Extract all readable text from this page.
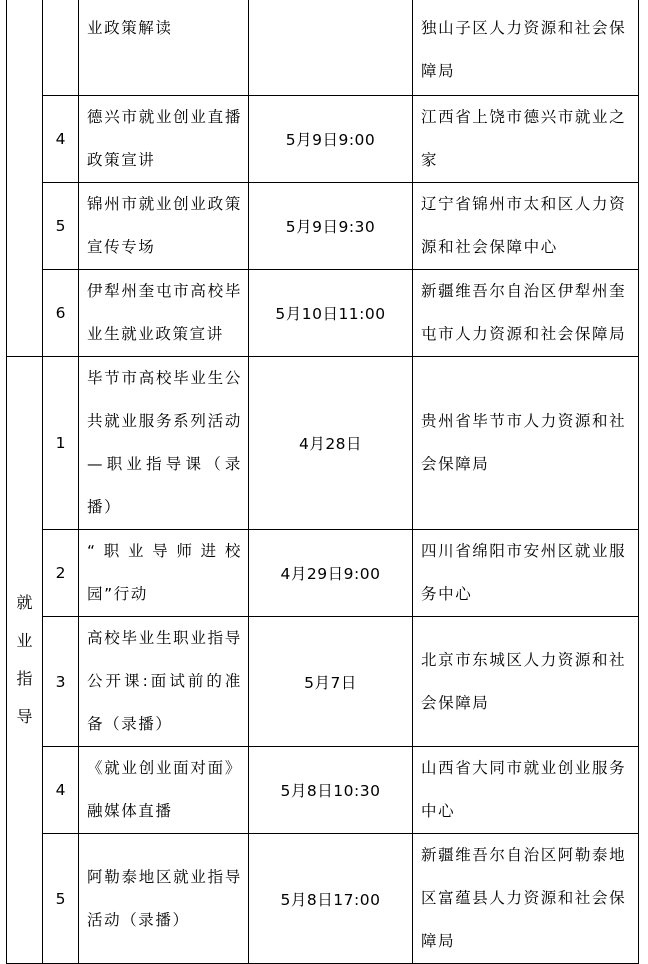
		业政策解读		独山子区人力资源和社会保障局
	4	德兴市就业创业直播政策宣讲	5月9日9:00	江西省上饶市德兴市就业之家
	5	锦州市就业创业政策宣传专场	5月9日9:30	辽宁省锦州市太和区人力资源和社会保障中心
	6	伊犁州奎屯市高校毕业生就业政策宣讲	5月10日11:00	新疆维吾尔自治区伊犁州奎屯市人力资源和社会保障局
就业指导	1	毕节市高校毕业生公共就业服务系列活动—职业指导课（录播）	4月28日	贵州省毕节市人力资源和社会保障局
	2	“职业导师进校园”行动	4月29日9:00	四川省绵阳市安州区就业服务中心
	3	高校毕业生职业指导公开课:面试前的准备（录播）	5月7日	北京市东城区人力资源和社会保障局
	4	《就业创业面对面》融媒体直播	5月8日10:30	山西省大同市就业创业服务中心
	5	阿勒泰地区就业指导活动（录播）	5月8日17:00	新疆维吾尔自治区阿勒泰地区富蕴县人力资源和社会保障局
